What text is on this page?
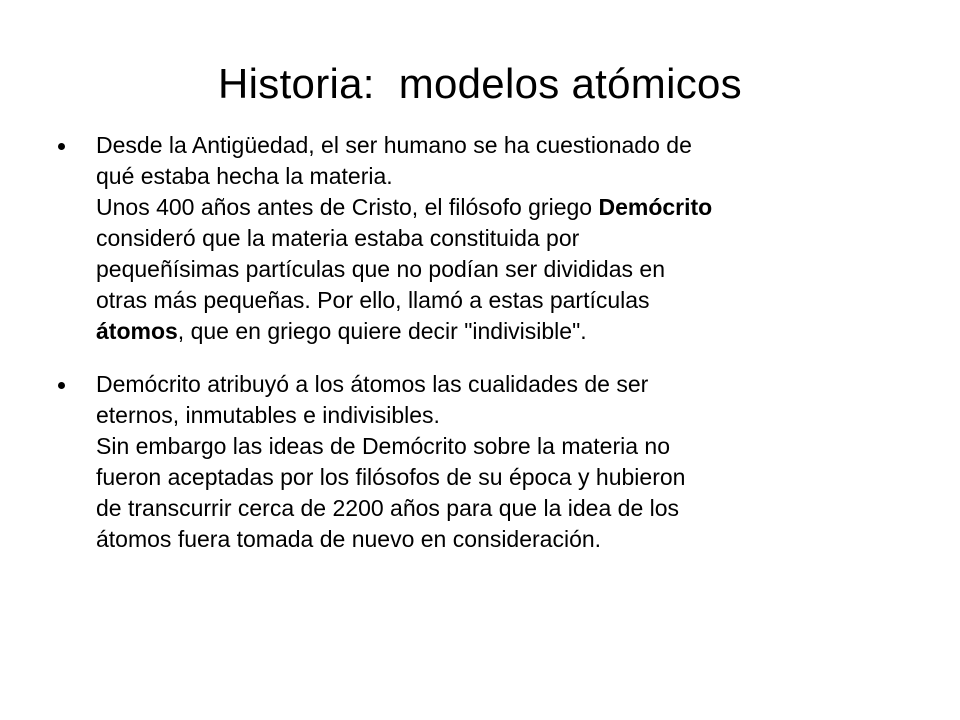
Historia:  modelos atómicos
Desde la Antigüedad, el ser humano se ha cuestionado de
qué estaba hecha la materia.
Unos 400 años antes de Cristo, el filósofo griego Demócrito
consideró que la materia estaba constituida por
pequeñísimas partículas que no podían ser divididas en
otras más pequeñas. Por ello, llamó a estas partículas
átomos, que en griego quiere decir "indivisible".
Demócrito atribuyó a los átomos las cualidades de ser
eternos, inmutables e indivisibles.
Sin embargo las ideas de Demócrito sobre la materia no
fueron aceptadas por los filósofos de su época y hubieron
de transcurrir cerca de 2200 años para que la idea de los
átomos fuera tomada de nuevo en consideración.
